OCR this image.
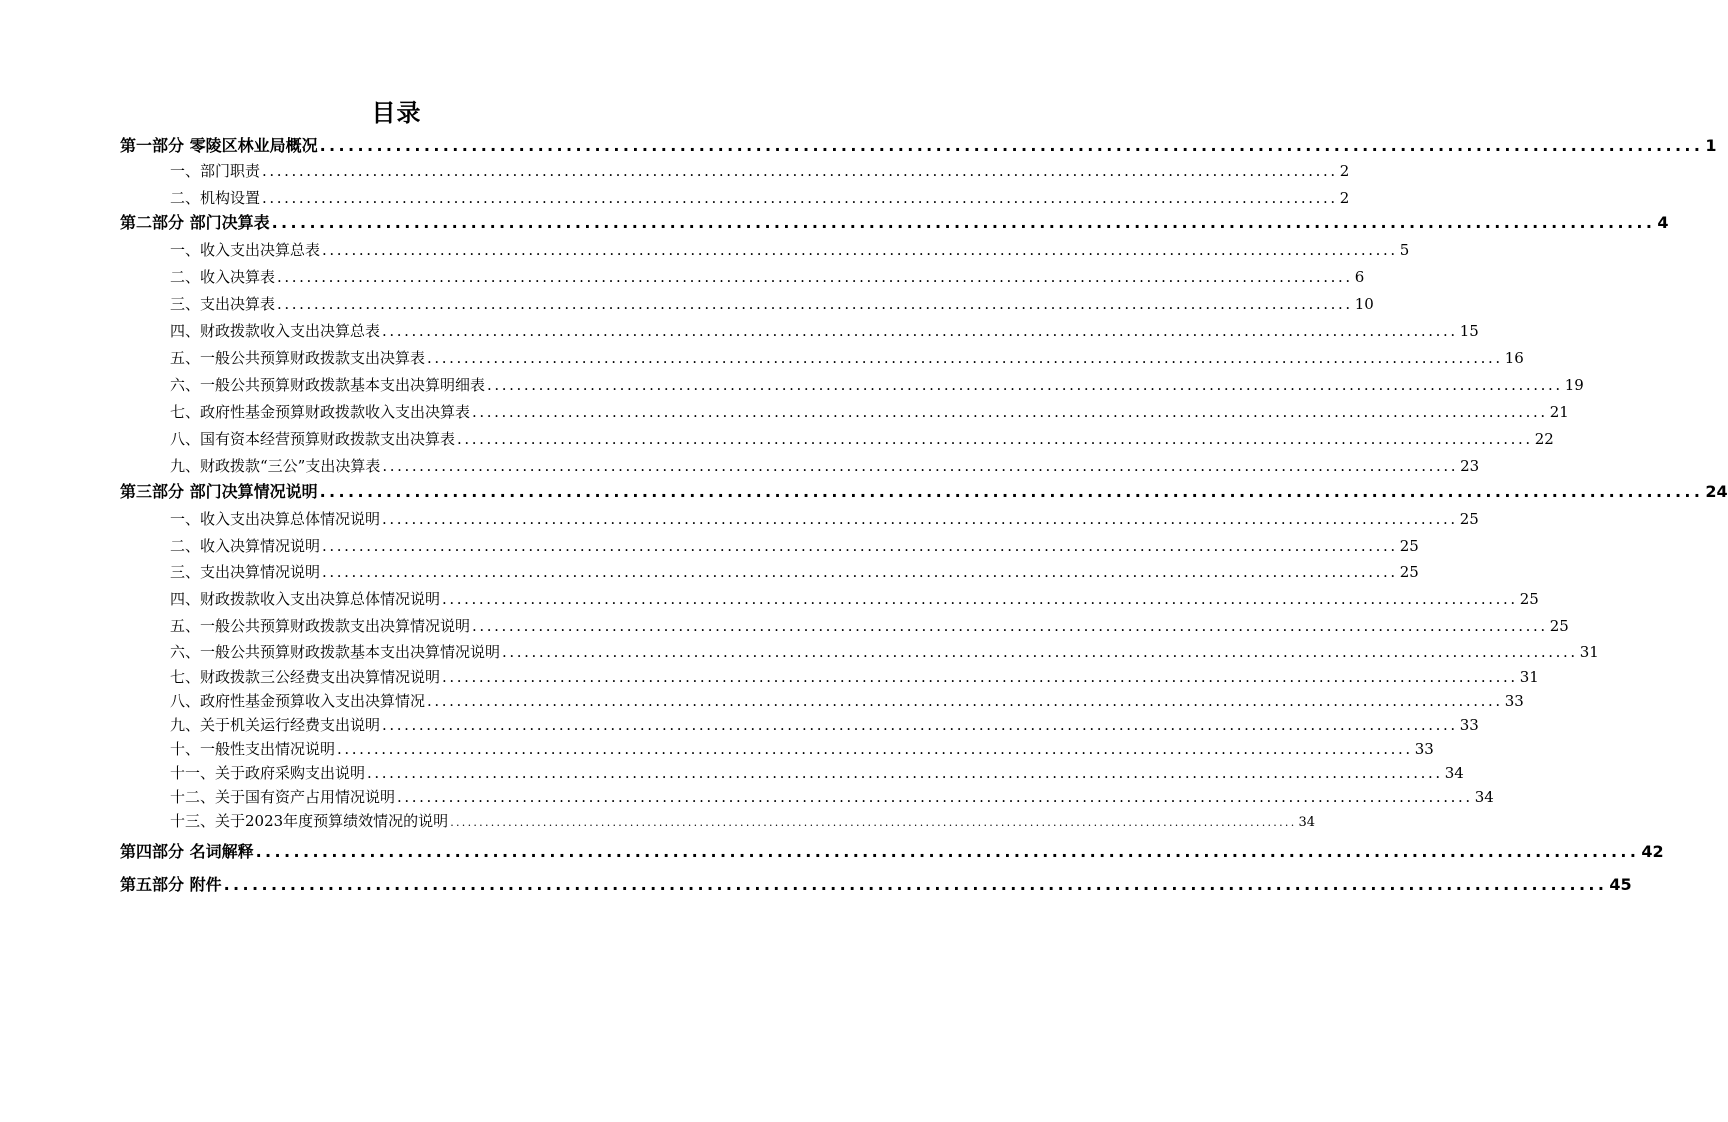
目录
第一部分 零陵区林业局概况 .................................................................................................................................................. 1
一、部门职责 .................................................................................................................................................. 2
二、机构设置 .................................................................................................................................................. 2
第二部分 部门决算表 .................................................................................................................................................. 4
一、收入支出决算总表 .................................................................................................................................................. 5
二、收入决算表 .................................................................................................................................................. 6
三、支出决算表 .................................................................................................................................................. 10
四、财政拨款收入支出决算总表 .................................................................................................................................................. 15
五、一般公共预算财政拨款支出决算表 .................................................................................................................................................. 16
六、一般公共预算财政拨款基本支出决算明细表 .................................................................................................................................................. 19
七、政府性基金预算财政拨款收入支出决算表 .................................................................................................................................................. 21
八、国有资本经营预算财政拨款支出决算表 .................................................................................................................................................. 22
九、财政拨款“三公”支出决算表 .................................................................................................................................................. 23
第三部分 部门决算情况说明 .................................................................................................................................................. 24
一、收入支出决算总体情况说明 .................................................................................................................................................. 25
二、收入决算情况说明 .................................................................................................................................................. 25
三、支出决算情况说明 .................................................................................................................................................. 25
四、财政拨款收入支出决算总体情况说明 .................................................................................................................................................. 25
五、一般公共预算财政拨款支出决算情况说明 .................................................................................................................................................. 25
六、一般公共预算财政拨款基本支出决算情况说明 .................................................................................................................................................. 31
七、财政拨款三公经费支出决算情况说明 .................................................................................................................................................. 31
八、政府性基金预算收入支出决算情况 .................................................................................................................................................. 33
九、关于机关运行经费支出说明 .................................................................................................................................................. 33
十、一般性支出情况说明 .................................................................................................................................................. 33
十一、关于政府采购支出说明 .................................................................................................................................................. 34
十二、关于国有资产占用情况说明 .................................................................................................................................................. 34
十三、关于2023年度预算绩效情况的说明 .................................................................................................................................................. 34
第四部分 名词解释 .................................................................................................................................................. 42
第五部分 附件 .................................................................................................................................................. 45
